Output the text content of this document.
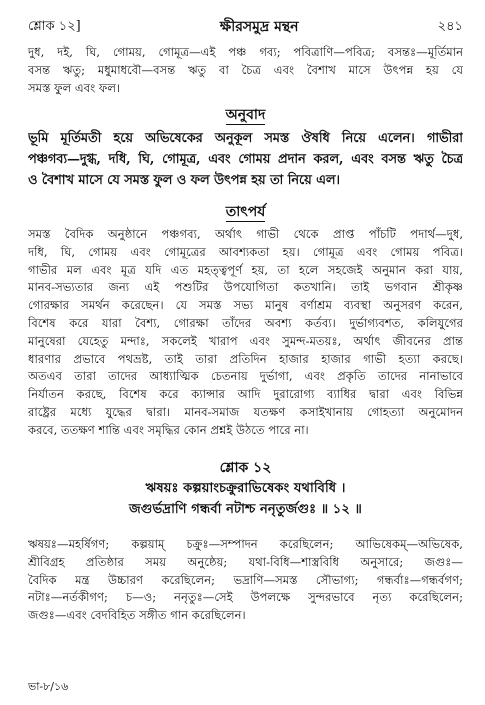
শ্লোক ১২]	ক্ষীরসমুদ্র মন্থন	২৪১

দুধ, দই, ঘি, গোময়, গোমূত্র—এই পঞ্চ গব্য; পবিত্রাণি—পবিত্র; বসন্তঃ—মূর্তিমান

বসন্ত ঋতু; মধুমাধবৌ—বসন্ত ঋতু বা চৈত্র এবং বৈশাখ মাসে উৎপন্ন হয় যে

সমস্ত ফুল এবং ফল।

অনুবাদ

ভূমি মূর্তিমতী হয়ে অভিষেকের অনুকূল সমস্ত ঔষধি নিয়ে এলেন। গাভীরা

পঞ্চগব্য—দুগ্ধ, দধি, ঘি, গোমূত্র, এবং গোময় প্রদান করল, এবং বসন্ত ঋতু চৈত্র

ও বৈশাখ মাসে যে সমস্ত ফুল ও ফল উৎপন্ন হয় তা নিয়ে এল।

তাৎপর্য

সমস্ত বৈদিক অনুষ্ঠানে পঞ্চগব্য, অর্থাৎ গাভী থেকে প্রাপ্ত পাঁচটি পদার্থ—দুধ,

দধি, ঘি, গোময় এবং গোমূত্রের আবশ্যকতা হয়। গোমূত্র এবং গোময় পবিত্র।

গাভীর মল এবং মূত্র যদি এত মহত্ত্বপূর্ণ হয়, তা হলে সহজেই অনুমান করা যায়,

মানব-সভ্যতার জন্য এই পশুটির উপযোগিতা কতখানি। তাই ভগবান শ্রীকৃষ্ণ

গোরক্ষার সমর্থন করেছেন। যে সমস্ত সভ্য মানুষ বর্ণাশ্রম ব্যবস্থা অনুসরণ করেন,

বিশেষ করে যারা বৈশ্য, গোরক্ষা তাঁদের অবশ্য কর্তব্য। দুর্ভাগ্যবশত, কলিযুগের

মানুষেরা যেহেতু মন্দাঃ, সকলেই খারাপ এবং সুমন্দ-মতয়ঃ, অর্থাৎ জীবনের প্রান্ত

ধারণার প্রভাবে পথভ্রষ্ট, তাই তারা প্রতিদিন হাজার হাজার গাভী হত্যা করছে।

অতএব তারা তাদের আধ্যাত্মিক চেতনায় দুর্ভাগা, এবং প্রকৃতি তাদের নানাভাবে

নির্যাতন করছে, বিশেষ করে ক্যান্সার আদি দুরারোগ্য ব্যাধির দ্বারা এবং বিভিন্ন

রাষ্ট্রের মধ্যে যুদ্ধের দ্বারা। মানব-সমাজ যতক্ষণ কসাইখানায় গোহত্যা অনুমোদন

করবে, ততক্ষণ শান্তি এবং সমৃদ্ধির কোন প্রশ্নই উঠতে পারে না।

শ্লোক ১২
ঋষয়ঃ কল্পয়াংচক্রুরাভিষেকং যথাবিধি ।
জগুর্ভদ্রাণি গন্ধর্বা নটাশ্চ ননৃতুর্জগুঃ ॥ ১২ ॥

ঋষয়ঃ—মহর্ষিগণ; কল্পয়াম্ চক্রুঃ—সম্পাদন করেছিলেন; আভিষেকম্—অভিষেক,

শ্রীবিগ্রহ প্রতিষ্ঠার সময় অনুষ্ঠেয়; যথা-বিধি—শাস্ত্রবিধি অনুসারে; জগুঃ—

বৈদিক মন্ত্র উচ্চারণ করেছিলেন; ভদ্রাণি—সমস্ত সৌভাগ্য; গন্ধর্বাঃ—গন্ধর্বগণ;

নটাঃ—নর্তকীগণ; চ—ও; ননৃতুঃ—সেই উপলক্ষে সুন্দরভাবে নৃত্য করেছিলেন;

জগুঃ—এবং বেদবিহিত সঙ্গীত গান করেছিলেন।

ভা-৮/১৬
